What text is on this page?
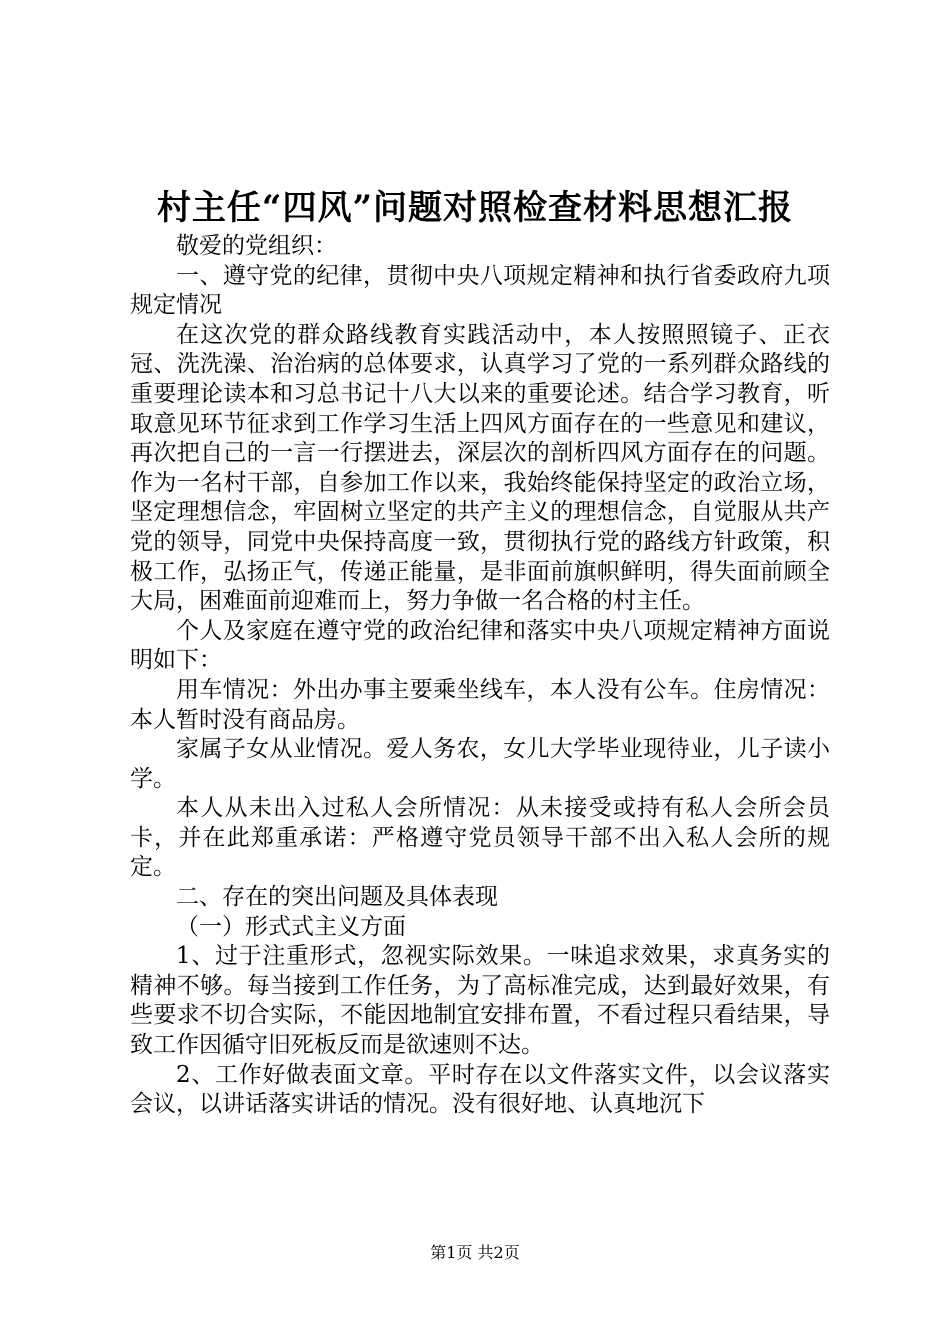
村主任“四风”问题对照检查材料思想汇报

敬爱的党组织：

一、遵守党的纪律，贯彻中央八项规定精神和执行省委政府九项规定情况

在这次党的群众路线教育实践活动中，本人按照照镜子、正衣冠、洗洗澡、治治病的总体要求，认真学习了党的一系列群众路线的重要理论读本和习总书记十八大以来的重要论述。结合学习教育，听取意见环节征求到工作学习生活上四风方面存在的一些意见和建议，再次把自己的一言一行摆进去，深层次的剖析四风方面存在的问题。作为一名村干部，自参加工作以来，我始终能保持坚定的政治立场，坚定理想信念，牢固树立坚定的共产主义的理想信念，自觉服从共产党的领导，同党中央保持高度一致，贯彻执行党的路线方针政策，积极工作，弘扬正气，传递正能量，是非面前旗帜鲜明，得失面前顾全大局，困难面前迎难而上，努力争做一名合格的村主任。

个人及家庭在遵守党的政治纪律和落实中央八项规定精神方面说明如下：

用车情况：外出办事主要乘坐线车，本人没有公车。住房情况：本人暂时没有商品房。

家属子女从业情况。爱人务农，女儿大学毕业现待业，儿子读小学。

本人从未出入过私人会所情况：从未接受或持有私人会所会员卡，并在此郑重承诺：严格遵守党员领导干部不出入私人会所的规定。

二、存在的突出问题及具体表现

（一）形式式主义方面

1、过于注重形式，忽视实际效果。一味追求效果，求真务实的精神不够。每当接到工作任务，为了高标准完成，达到最好效果，有些要求不切合实际，不能因地制宜安排布置，不看过程只看结果，导致工作因循守旧死板反而是欲速则不达。

2、工作好做表面文章。平时存在以文件落实文件，以会议落实会议，以讲话落实讲话的情况。没有很好地、认真地沉下

第1页 共2页
